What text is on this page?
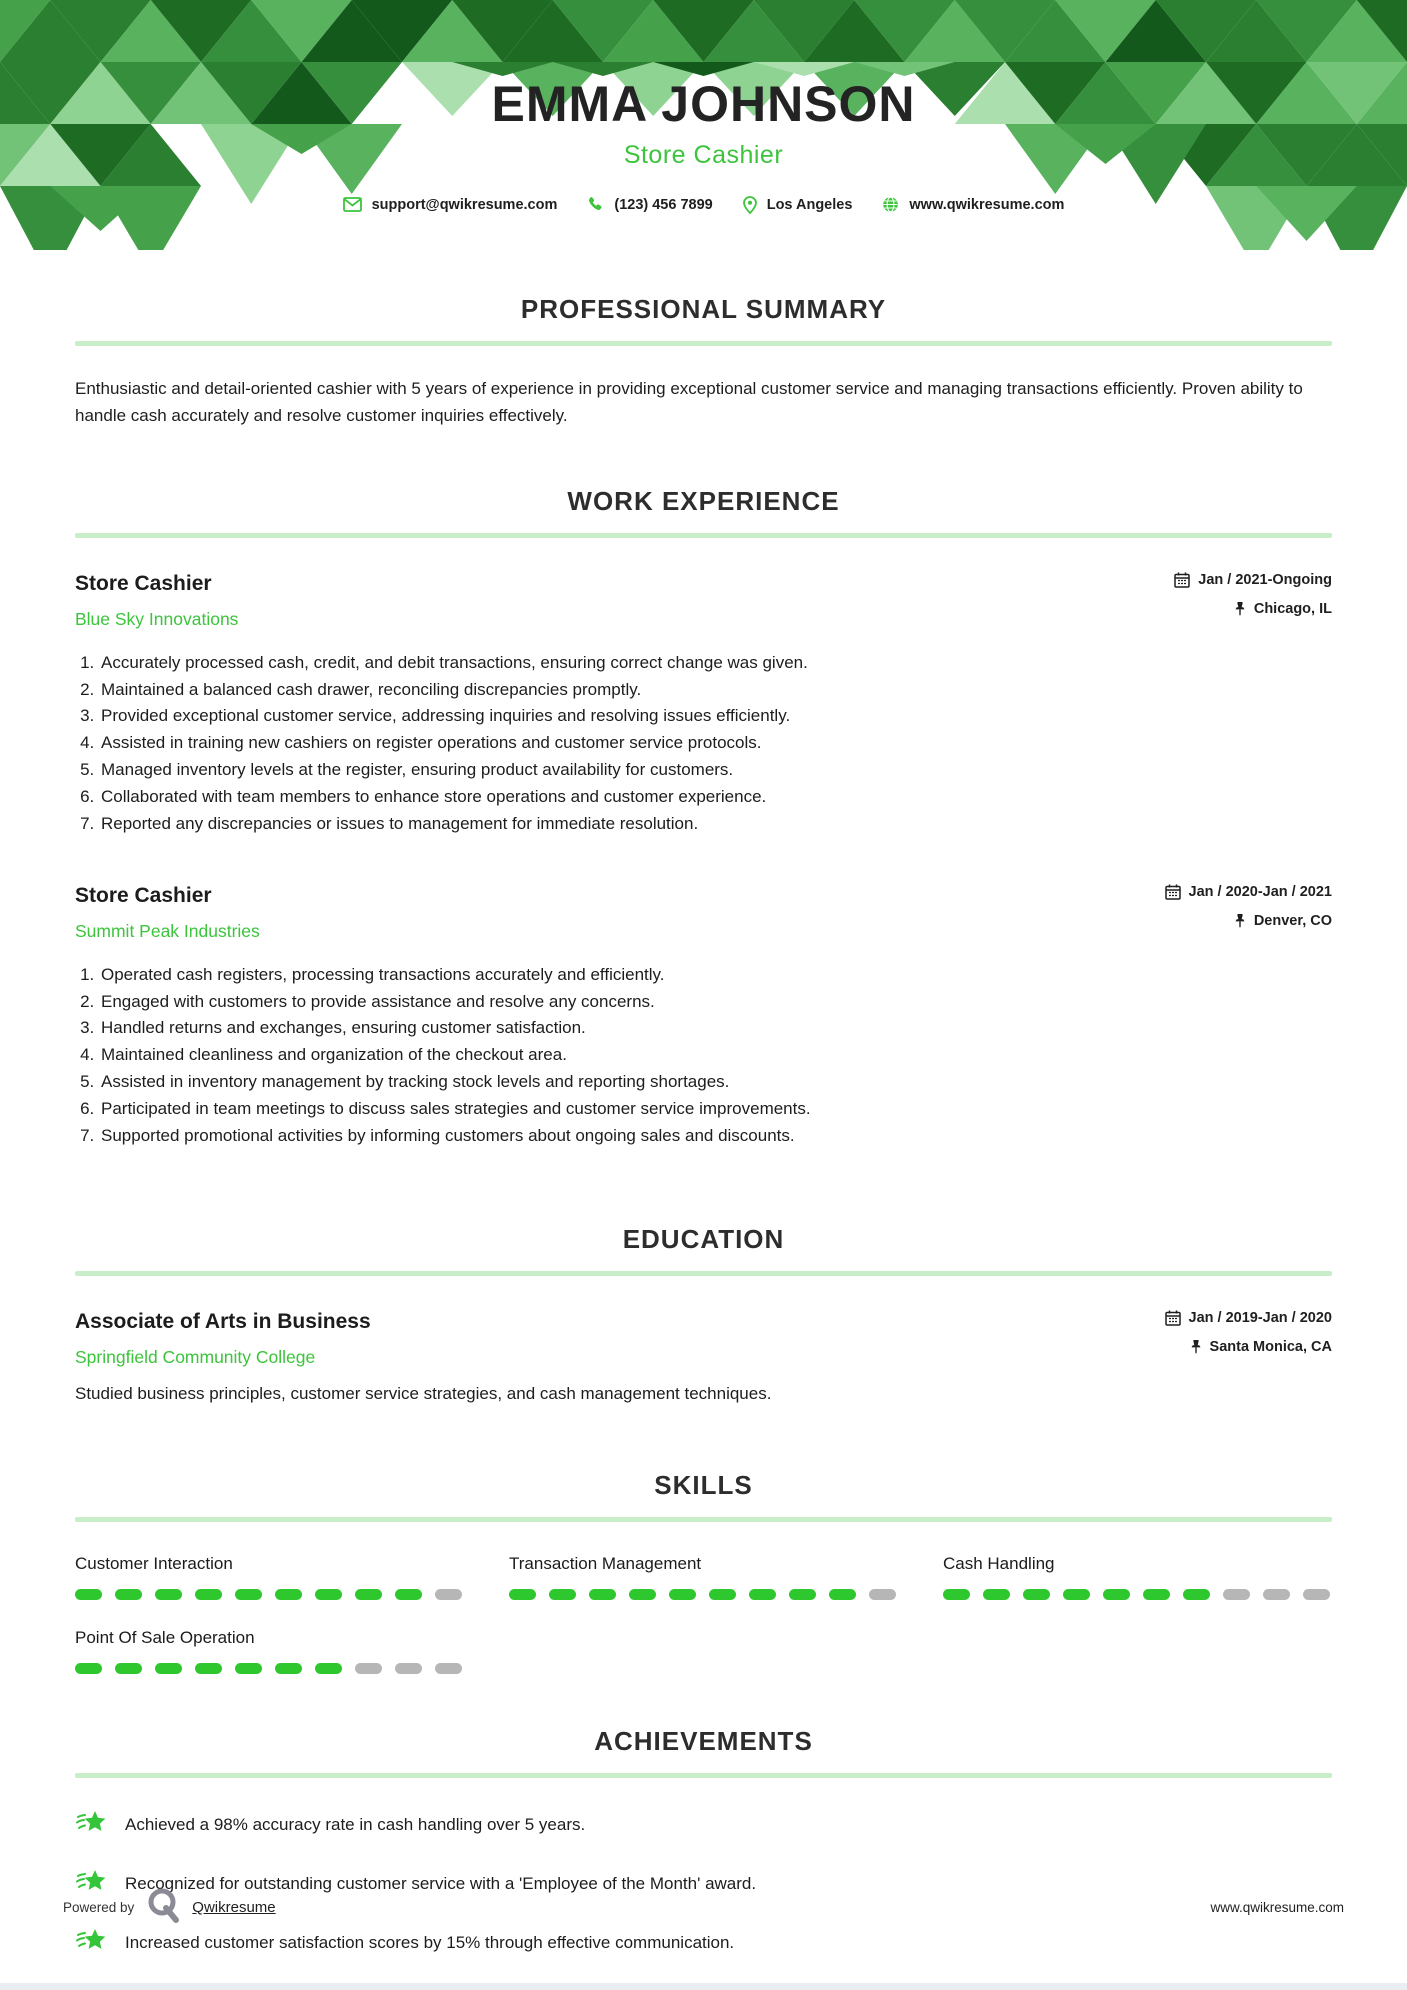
EMMA JOHNSON
Store Cashier
support@qwikresume.com	(123) 456 7899	Los Angeles	www.qwikresume.com
PROFESSIONAL SUMMARY
Enthusiastic and detail-oriented cashier with 5 years of experience in providing exceptional customer service and managing transactions efficiently. Proven ability to handle cash accurately and resolve customer inquiries effectively.
WORK EXPERIENCE
Store Cashier
Blue Sky Innovations
Jan / 2021-Ongoing
Chicago, IL
1. Accurately processed cash, credit, and debit transactions, ensuring correct change was given.
2. Maintained a balanced cash drawer, reconciling discrepancies promptly.
3. Provided exceptional customer service, addressing inquiries and resolving issues efficiently.
4. Assisted in training new cashiers on register operations and customer service protocols.
5. Managed inventory levels at the register, ensuring product availability for customers.
6. Collaborated with team members to enhance store operations and customer experience.
7. Reported any discrepancies or issues to management for immediate resolution.
Store Cashier
Summit Peak Industries
Jan / 2020-Jan / 2021
Denver, CO
1. Operated cash registers, processing transactions accurately and efficiently.
2. Engaged with customers to provide assistance and resolve any concerns.
3. Handled returns and exchanges, ensuring customer satisfaction.
4. Maintained cleanliness and organization of the checkout area.
5. Assisted in inventory management by tracking stock levels and reporting shortages.
6. Participated in team meetings to discuss sales strategies and customer service improvements.
7. Supported promotional activities by informing customers about ongoing sales and discounts.
EDUCATION
Associate of Arts in Business
Springfield Community College
Jan / 2019-Jan / 2020
Santa Monica, CA
Studied business principles, customer service strategies, and cash management techniques.
SKILLS
Customer Interaction	Transaction Management	Cash Handling
Point Of Sale Operation
ACHIEVEMENTS
Achieved a 98% accuracy rate in cash handling over 5 years.
Recognized for outstanding customer service with a 'Employee of the Month' award.
Increased customer satisfaction scores by 15% through effective communication.
Powered by	Qwikresume	www.qwikresume.com
